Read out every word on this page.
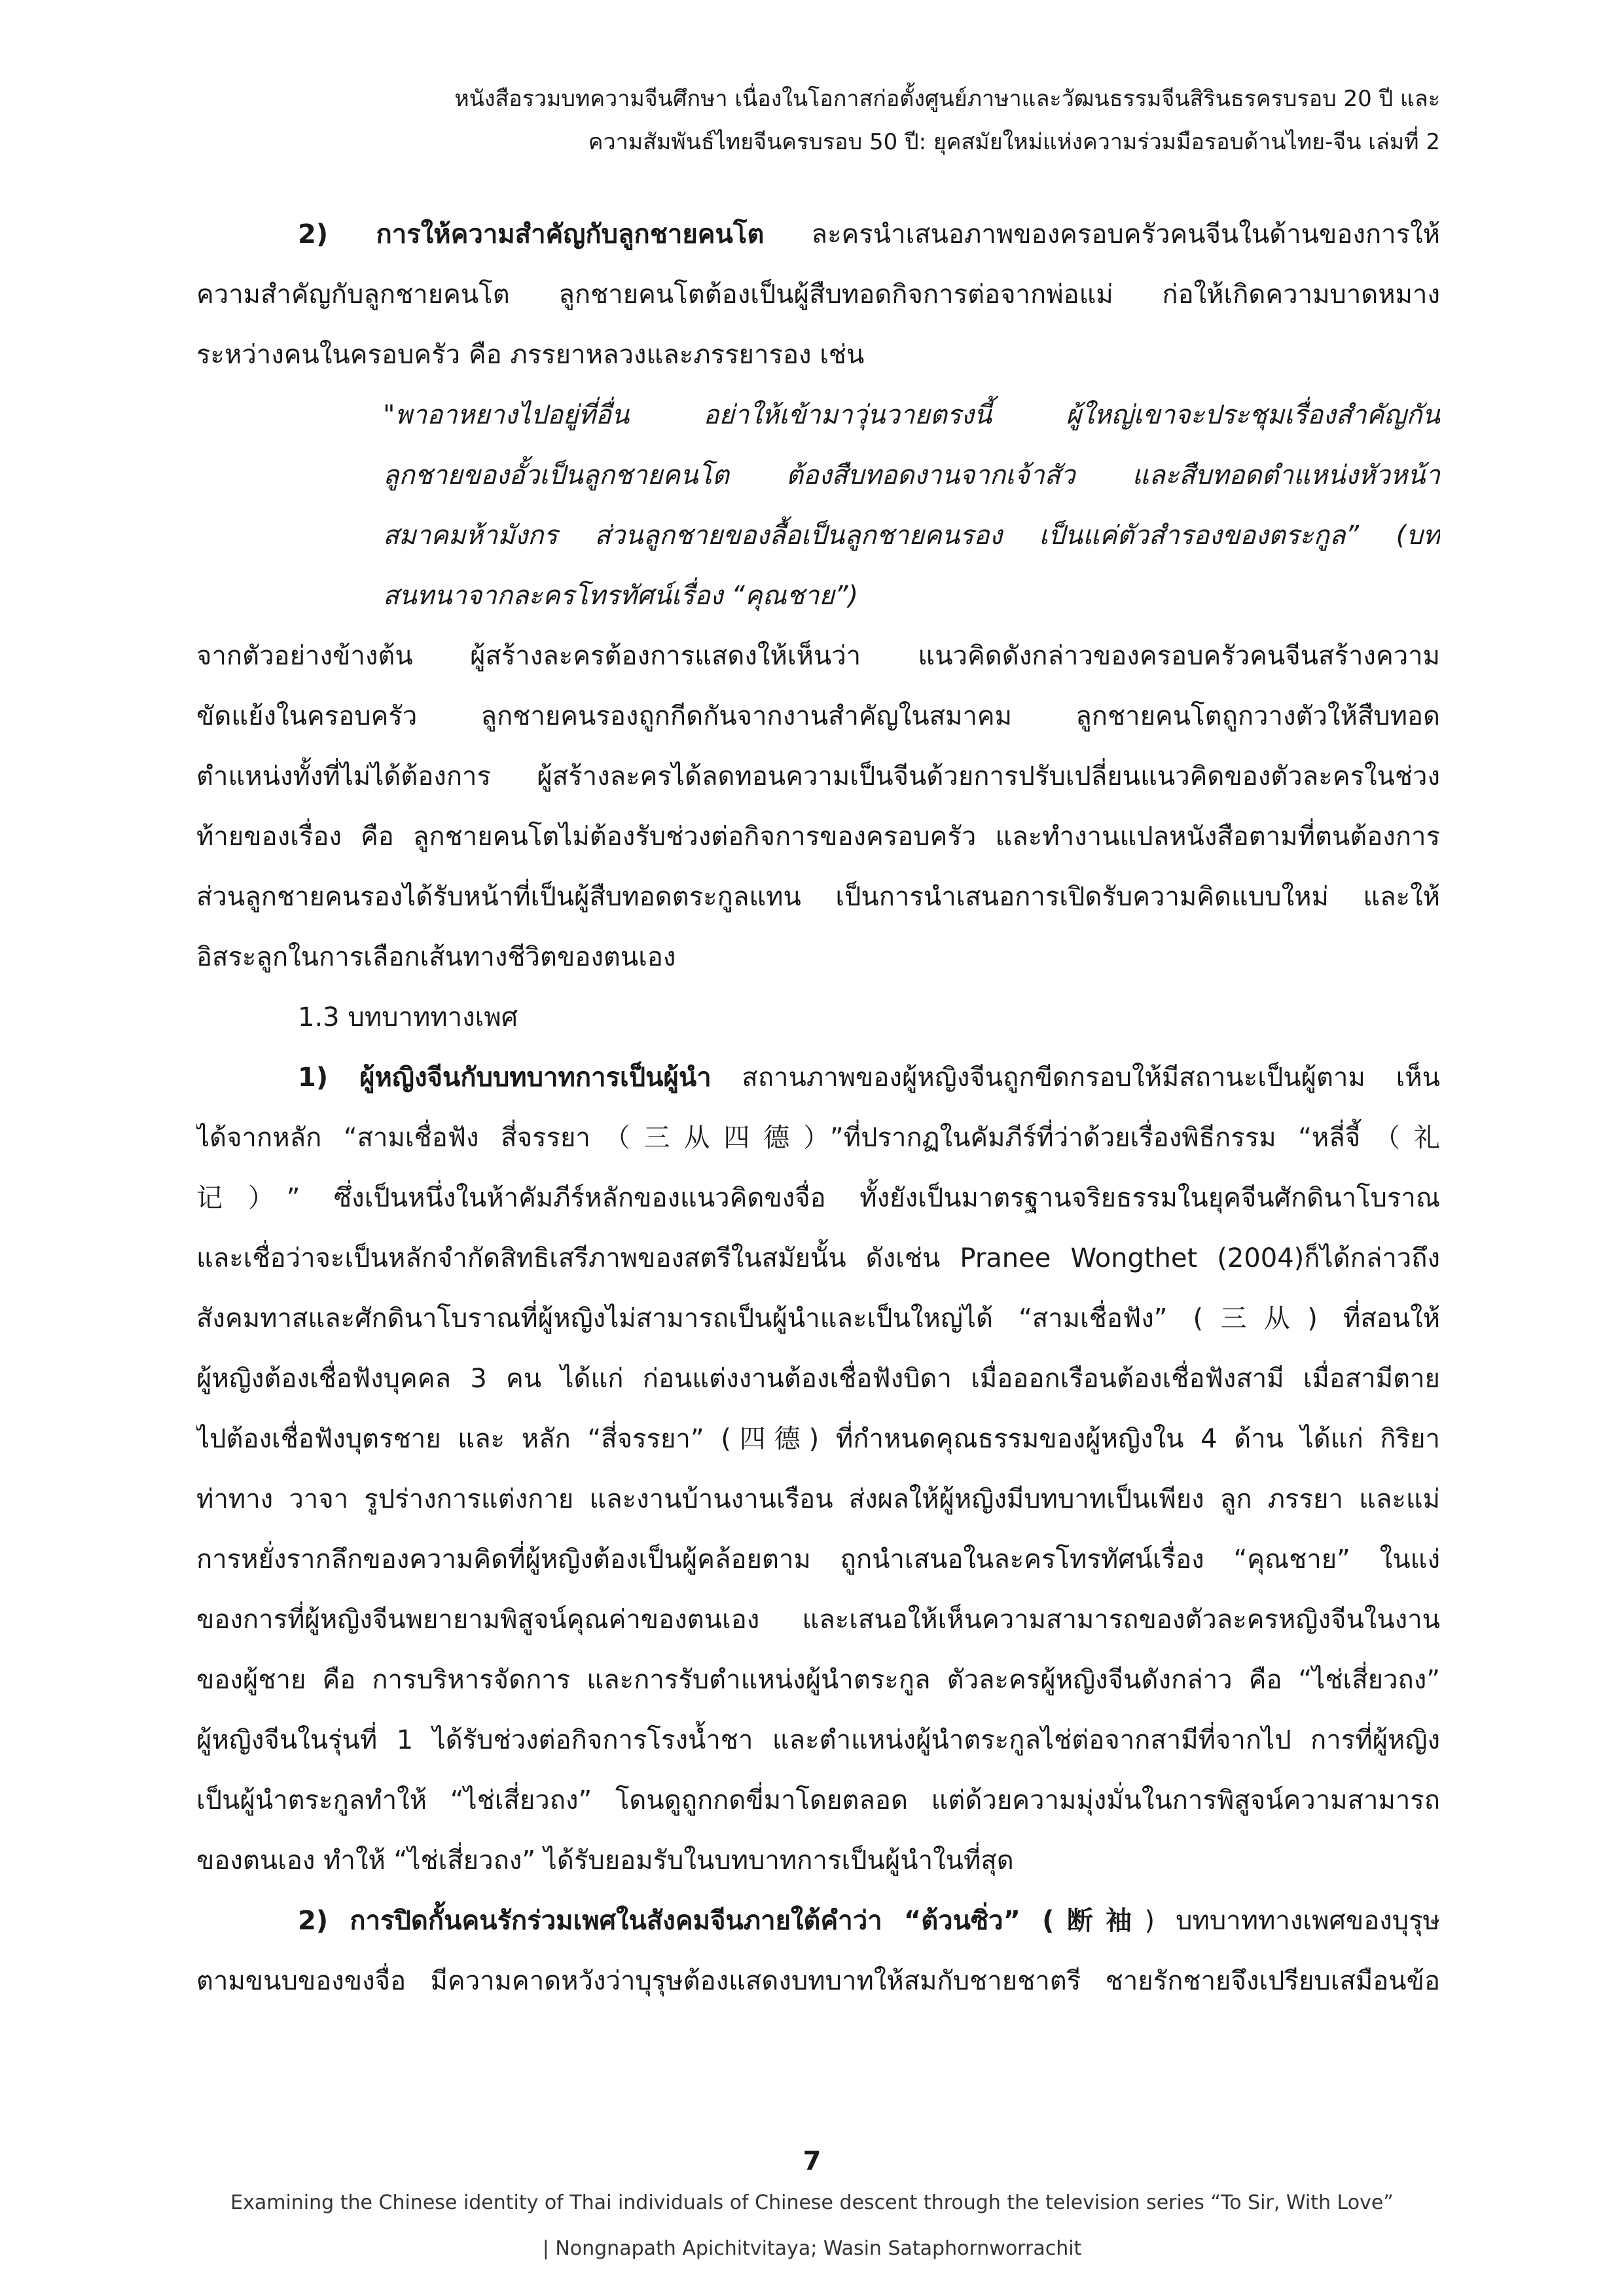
หนังสือรวมบทความจีนศึกษา เนื่องในโอกาสก่อตั้งศูนย์ภาษาและวัฒนธรรมจีนสิรินธรครบรอบ 20 ปี และ
ความสัมพันธ์ไทยจีนครบรอบ 50 ปี: ยุคสมัยใหม่แห่งความร่วมมือรอบด้านไทย-จีน เล่มที่ 2
2) การให้ความสำคัญกับลูกชายคนโต ละครนำเสนอภาพของครอบครัวคนจีนในด้านของการให้
ความสำคัญกับลูกชายคนโต ลูกชายคนโตต้องเป็นผู้สืบทอดกิจการต่อจากพ่อแม่ ก่อให้เกิดความบาดหมาง
ระหว่างคนในครอบครัว คือ ภรรยาหลวงและภรรยารอง เช่น
"พาอาหยางไปอยู่ที่อื่น อย่าให้เข้ามาวุ่นวายตรงนี้ ผู้ใหญ่เขาจะประชุมเรื่องสำคัญกัน
ลูกชายของอั้วเป็นลูกชายคนโต ต้องสืบทอดงานจากเจ้าสัว และสืบทอดตำแหน่งหัวหน้า
สมาคมห้ามังกร ส่วนลูกชายของลื้อเป็นลูกชายคนรอง เป็นแค่ตัวสำรองของตระกูล” (บท
สนทนาจากละครโทรทัศน์เรื่อง “คุณชาย”)
จากตัวอย่างข้างต้น ผู้สร้างละครต้องการแสดงให้เห็นว่า แนวคิดดังกล่าวของครอบครัวคนจีนสร้างความ
ขัดแย้งในครอบครัว ลูกชายคนรองถูกกีดกันจากงานสำคัญในสมาคม ลูกชายคนโตถูกวางตัวให้สืบทอด
ตำแหน่งทั้งที่ไม่ได้ต้องการ ผู้สร้างละครได้ลดทอนความเป็นจีนด้วยการปรับเปลี่ยนแนวคิดของตัวละครในช่วง
ท้ายของเรื่อง คือ ลูกชายคนโตไม่ต้องรับช่วงต่อกิจการของครอบครัว และทำงานแปลหนังสือตามที่ตนต้องการ
ส่วนลูกชายคนรองได้รับหน้าที่เป็นผู้สืบทอดตระกูลแทน เป็นการนำเสนอการเปิดรับความคิดแบบใหม่ และให้
อิสระลูกในการเลือกเส้นทางชีวิตของตนเอง
1.3 บทบาททางเพศ
1) ผู้หญิงจีนกับบทบาทการเป็นผู้นำ สถานภาพของผู้หญิงจีนถูกขีดกรอบให้มีสถานะเป็นผู้ตาม เห็น
ได้จากหลัก “สามเชื่อฟัง สี่จรรยา（三从四德）”ที่ปรากฏในคัมภีร์ที่ว่าด้วยเรื่องพิธีกรรม “หลี่จี้（礼
记）” ซึ่งเป็นหนึ่งในห้าคัมภีร์หลักของแนวคิดขงจื่อ ทั้งยังเป็นมาตรฐานจริยธรรมในยุคจีนศักดินาโบราณ
และเชื่อว่าจะเป็นหลักจำกัดสิทธิเสรีภาพของสตรีในสมัยนั้น ดังเช่น Pranee Wongthet (2004)ก็ได้กล่าวถึง
สังคมทาสและศักดินาโบราณที่ผู้หญิงไม่สามารถเป็นผู้นำและเป็นใหญ่ได้ “สามเชื่อฟัง” (三从) ที่สอนให้
ผู้หญิงต้องเชื่อฟังบุคคล 3 คน ได้แก่ ก่อนแต่งงานต้องเชื่อฟังบิดา เมื่อออกเรือนต้องเชื่อฟังสามี เมื่อสามีตาย
ไปต้องเชื่อฟังบุตรชาย และ หลัก “สี่จรรยา” (四德) ที่กำหนดคุณธรรมของผู้หญิงใน 4 ด้าน ได้แก่ กิริยา
ท่าทาง วาจา รูปร่างการแต่งกาย และงานบ้านงานเรือน ส่งผลให้ผู้หญิงมีบทบาทเป็นเพียง ลูก ภรรยา และแม่
การหยั่งรากลึกของความคิดที่ผู้หญิงต้องเป็นผู้คล้อยตาม ถูกนำเสนอในละครโทรทัศน์เรื่อง “คุณชาย” ในแง่
ของการที่ผู้หญิงจีนพยายามพิสูจน์คุณค่าของตนเอง และเสนอให้เห็นความสามารถของตัวละครหญิงจีนในงาน
ของผู้ชาย คือ การบริหารจัดการ และการรับตำแหน่งผู้นำตระกูล ตัวละครผู้หญิงจีนดังกล่าว คือ “ไช่เสี่ยวถง”
ผู้หญิงจีนในรุ่นที่ 1 ได้รับช่วงต่อกิจการโรงน้ำชา และตำแหน่งผู้นำตระกูลไช่ต่อจากสามีที่จากไป การที่ผู้หญิง
เป็นผู้นำตระกูลทำให้ “ไช่เสี่ยวถง” โดนดูถูกกดขี่มาโดยตลอด แต่ด้วยความมุ่งมั่นในการพิสูจน์ความสามารถ
ของตนเอง ทำให้ “ไช่เสี่ยวถง” ได้รับยอมรับในบทบาทการเป็นผู้นำในที่สุด
2) การปิดกั้นคนรักร่วมเพศในสังคมจีนภายใต้คำว่า “ต้วนซิ่ว” (断袖) บทบาททางเพศของบุรุษ
ตามขนบของขงจื่อ มีความคาดหวังว่าบุรุษต้องแสดงบทบาทให้สมกับชายชาตรี ชายรักชายจึงเปรียบเสมือนข้อ
7
Examining the Chinese identity of Thai individuals of Chinese descent through the television series “To Sir, With Love”
| Nongnapath Apichitvitaya; Wasin Sataphornworrachit
